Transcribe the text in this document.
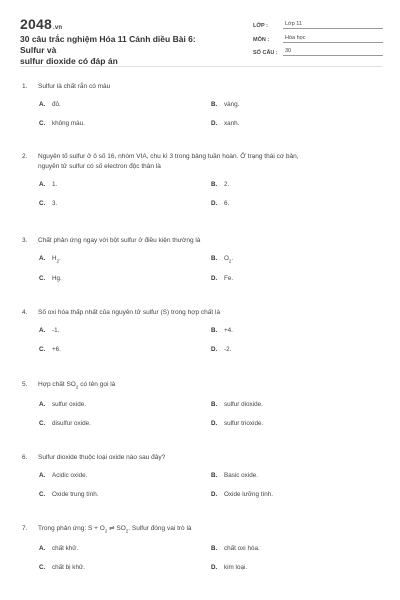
2048.vn
30 câu trắc nghiệm Hóa 11 Cánh diều Bài 6: Sulfur và
sulfur dioxide có đáp án
LỚP :	Lớp 11
MÔN :	Hóa học
SỐ CÂU :	30
1.	Sulfur là chất rắn có màu
A.	đỏ.	B.	vàng.
C.	không màu.	D.	xanh.
2.	Nguyên tố sulfur ở ô số 16, nhóm VIA, chu kì 3 trong bảng tuần hoàn. Ở trạng thái cơ bản,
nguyên tử sulfur có số electron độc thân là
A.	1.	B.	2.
C.	3.	D.	6.
3.	Chất phản ứng ngay với bột sulfur ở điều kiện thường là
A.	$H_2$.	B.	$O_2$.
C.	Hg.	D.	Fe.
4.	Số oxi hóa thấp nhất của nguyên tử sulfur (S) trong hợp chất là
A.	-1.	B.	+4.
C.	+6.	D.	-2.
5.	Hợp chất $SO_2$ có tên gọi là
A.	sulfur oxide.	B.	sulfur dioxide.
C.	disulfur oxide.	D.	sulfur trioxide.
6.	Sulfur dioxide thuộc loại oxide nào sau đây?
A.	Acidic oxide.	B.	Basic oxide.
C.	Oxide trung tính.	D.	Oxide lưỡng tính.
7.	Trong phản ứng: $S + O_2$ ⇌ $SO_2$. Sulfur đóng vai trò là
A.	chất khử.	B.	chất oxi hóa.
C.	chất bị khử.	D.	kim loại.
